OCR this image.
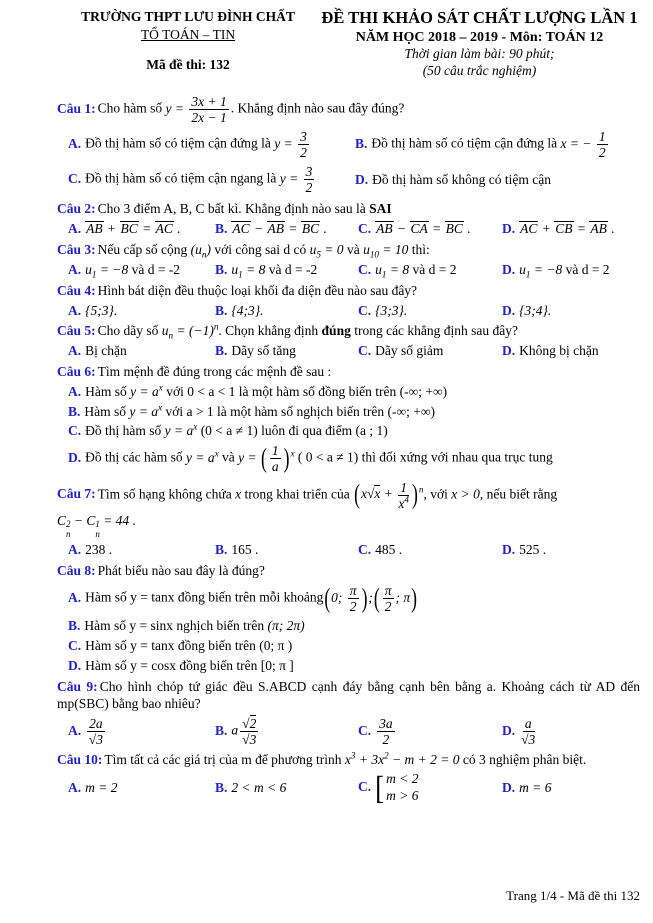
TRƯỜNG THPT LƯU ĐÌNH CHẤT
TỔ TOÁN – TIN
Mã đề thi: 132
ĐỀ THI KHẢO SÁT CHẤT LƯỢNG LẦN 1
NĂM HỌC 2018 – 2019 - Môn: TOÁN 12
Thời gian làm bài: 90 phút;
(50 câu trắc nghiệm)
Câu 1: Cho hàm số $y = \frac{3x + 1}{2x - 1}$ . Khẳng định nào sau đây đúng?
A. Đồ thị hàm số có tiệm cận đứng là $y = \frac{3}{2}$	B. Đồ thị hàm số có tiệm cận đứng là x = − $\frac{1}{2}$
C. Đồ thị hàm số có tiệm cận ngang là $y = \frac{3}{2}$	D. Đồ thị hàm số không có tiệm cận
Câu 2: Cho 3 điểm A, B, C bất kì. Khẳng định nào sau là SAI
A. AB + BC = AC .	B. AC − AB = BC .	C. AB − CA = BC .	D. AC + CB = AB .
Câu 3: Nếu cấp số cộng $(u_n)$ với công sai d có $u_5 = 0$ và $u_{10} = 10$ thì:
A. $u_1 = -8$ và d = -2	B. $u_1 = 8$ và d = -2	C. $u_1 = 8$ và d = 2	D. $u_1 = -8$ và d = 2
Câu 4: Hình bát diện đều thuộc loại khối đa diện đều nào sau đây?
A. {5;3}.	B. {4;3}.	C. {3;3}.	D. {3;4}.
Câu 5: Cho dãy số $u_n = (-1)^n$. Chọn khẳng định đúng trong các khẳng định sau đây?
A. Bị chặn	B. Dãy số tăng	C. Dãy số giảm	D. Không bị chặn
Câu 6: Tìm mệnh đề đúng trong các mệnh đề sau :
A. Hàm số $y = a^x$ với 0 < a < 1 là một hàm số đồng biến trên (-∞; +∞)
B. Hàm số $y = a^x$ với a > 1 là một hàm số nghịch biến trên (-∞; +∞)
C. Đồ thị hàm số $y = a^x$ (0 < a ≠ 1) luôn đi qua điểm (a ; 1)
D. Đồ thị các hàm số $y = a^x$ và y = ( $\frac{1}{a} )^x$ ( 0 < a ≠ 1) thì đối xứng với nhau qua trục tung
Câu 7: Tìm số hạng không chứa x trong khai triển của $(x√x + \frac{1}{x^4} )^n$, với x > 0, nếu biết rằng
C 2
n
− C 1
n
= 44 .
A. 238 .	B. 165 .	C. 485 .	D. 525 .
Câu 8: Phát biểu nào sau đây là đúng?
A. Hàm số y = tanx đồng biến trên mỗi khoảng(0; $\frac{\pi}{2}$ );( $\frac{\pi}{2}$ ; π)
B. Hàm số y = sinx nghịch biến trên (π; 2π)
C. Hàm số y = tanx đồng biến trên (0; π )
D. Hàm số y = cosx đồng biến trên [0; π ]
Câu 9: Cho hình chóp tứ giác đều S.ABCD cạnh đáy bằng cạnh bên bằng a. Khoảng cách từ AD đến mp(SBC) bằng bao nhiêu?
A. $\frac{2a}{√3}$	B. a $\frac{√2}{√3}$	C. $\frac{3a}{2}$	D. $\frac{a}{√3}$
Câu 10: Tìm tất cả các giá trị của m để phương trình $x^3 + 3x^2 - m + 2 = 0$ có 3 nghiệm phân biệt.
A. m = 2	B. 2 < m < 6	C. [ m < 2
m > 6
D. m = 6
Trang 1/4 - Mã đề thi 132
